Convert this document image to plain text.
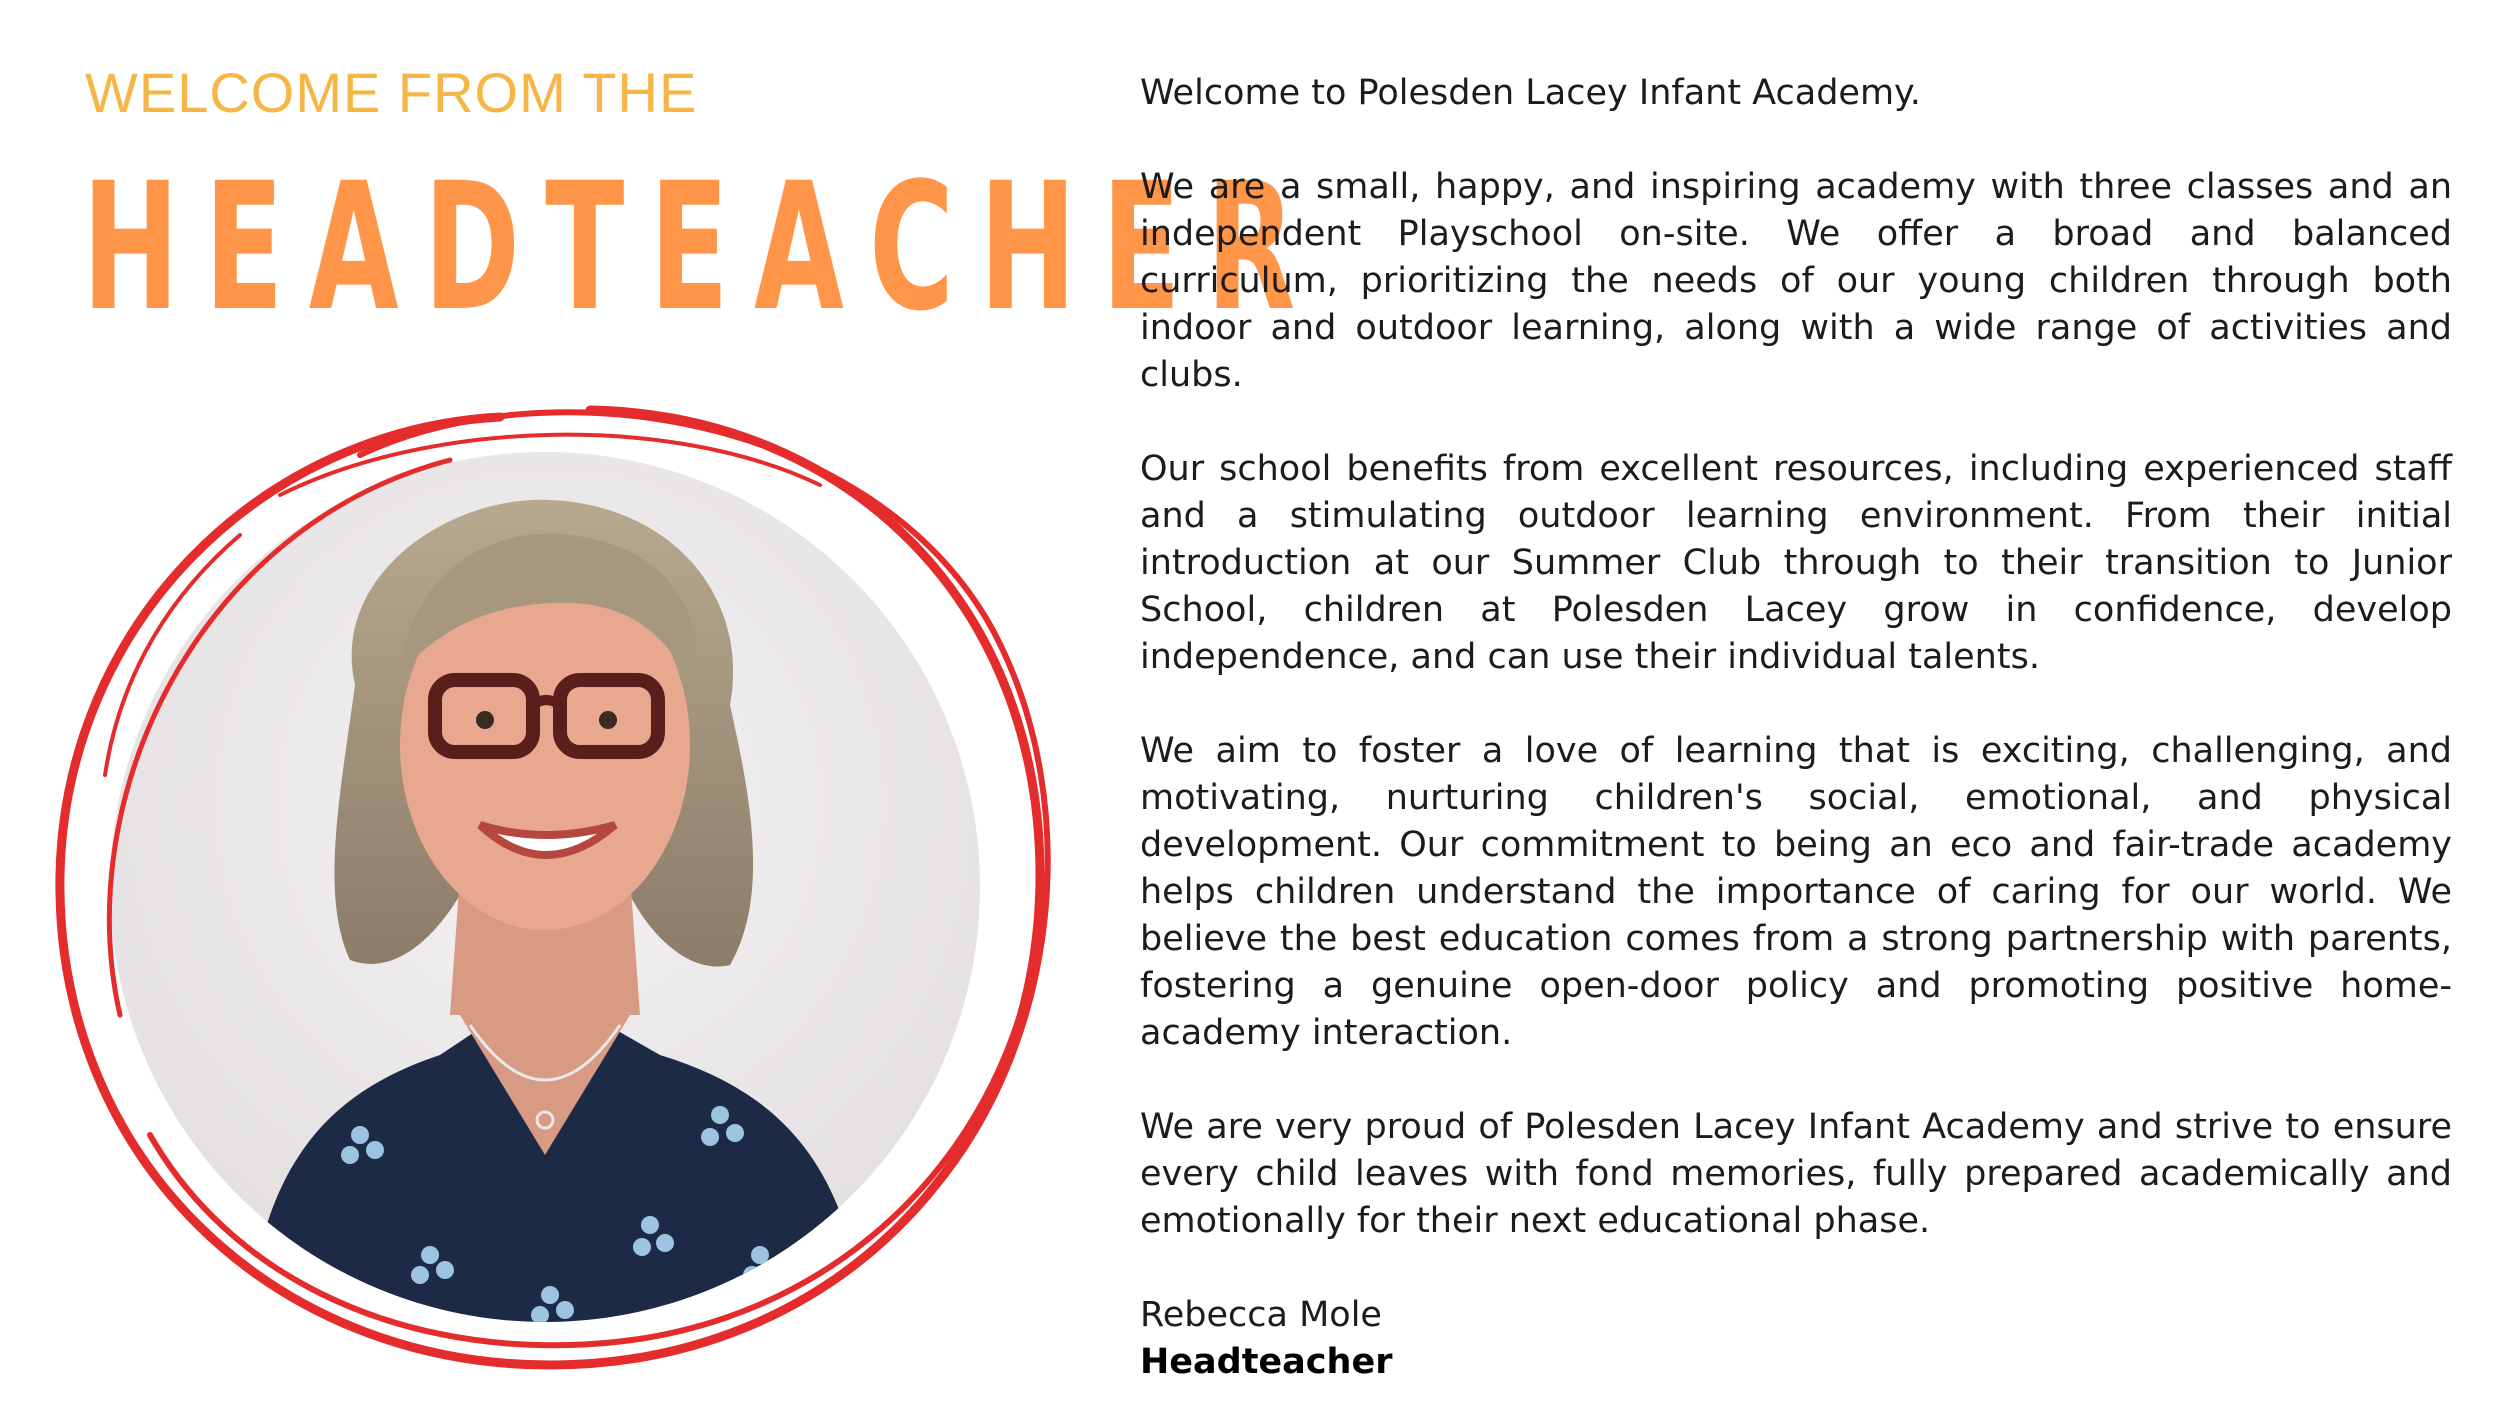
WELCOME FROM THE
HEADTEACHER

Welcome to Polesden Lacey Infant Academy.

We are a small, happy, and inspiring academy with three classes and an independent Playschool on-site. We offer a broad and balanced curriculum, prioritizing the needs of our young children through both indoor and outdoor learning, along with a wide range of activities and clubs.

Our school benefits from excellent resources, including experienced staff and a stimulating outdoor learning environment. From their initial introduction at our Summer Club through to their transition to Junior School, children at Polesden Lacey grow in confidence, develop independence, and can use their individual talents.

We aim to foster a love of learning that is exciting, challenging, and motivating, nurturing children's social, emotional, and physical development. Our commitment to being an eco and fair-trade academy helps children understand the importance of caring for our world. We believe the best education comes from a strong partnership with parents, fostering a genuine open-door policy and promoting positive home-academy interaction.

We are very proud of Polesden Lacey Infant Academy and strive to ensure every child leaves with fond memories, fully prepared academically and emotionally for their next educational phase.

Rebecca Mole
Headteacher
